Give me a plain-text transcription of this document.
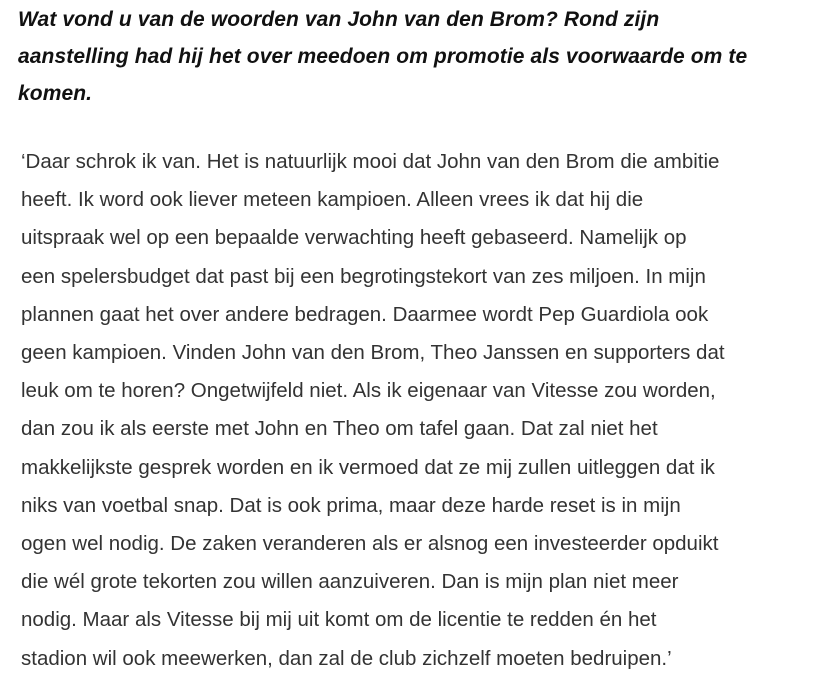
Wat vond u van de woorden van John van den Brom? Rond zijn
aanstelling had hij het over meedoen om promotie als voorwaarde om te
komen.

‘Daar schrok ik van. Het is natuurlijk mooi dat John van den Brom die ambitie
heeft. Ik word ook liever meteen kampioen. Alleen vrees ik dat hij die
uitspraak wel op een bepaalde verwachting heeft gebaseerd. Namelijk op
een spelersbudget dat past bij een begrotingstekort van zes miljoen. In mijn
plannen gaat het over andere bedragen. Daarmee wordt Pep Guardiola ook
geen kampioen. Vinden John van den Brom, Theo Janssen en supporters dat
leuk om te horen? Ongetwijfeld niet. Als ik eigenaar van Vitesse zou worden,
dan zou ik als eerste met John en Theo om tafel gaan. Dat zal niet het
makkelijkste gesprek worden en ik vermoed dat ze mij zullen uitleggen dat ik
niks van voetbal snap. Dat is ook prima, maar deze harde reset is in mijn
ogen wel nodig. De zaken veranderen als er alsnog een investeerder opduikt
die wél grote tekorten zou willen aanzuiveren. Dan is mijn plan niet meer
nodig. Maar als Vitesse bij mij uit komt om de licentie te redden én het
stadion wil ook meewerken, dan zal de club zichzelf moeten bedruipen.’
